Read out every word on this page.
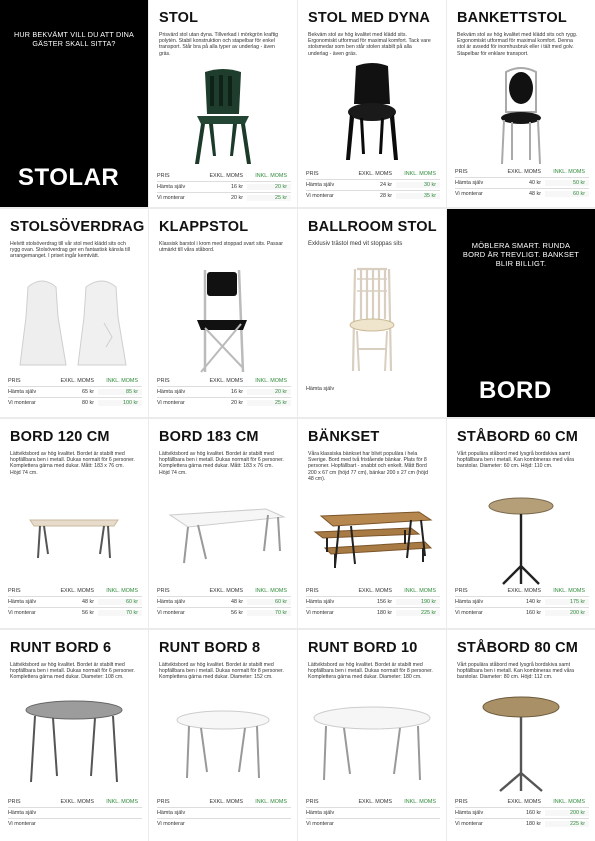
HUR BEKVÄMT VILL DU ATT DINA GÄSTER SKALL SITTA?
STOLAR
STOL
Prisvärd stol utan dyna. Tillverkad i mörkgrön kraftig polytén. Stabil konstruktion och stapelbar för enkel transport. Står bra på alla typer av underlag - även gräs.
PRIS	EXKL. MOMS	INKL. MOMS
Hämta själv	16 kr	20 kr
Vi monterar	20 kr	25 kr
STOL MED DYNA
Bekväm stol av hög kvalitet med klädd sits. Ergonomiskt utformad för maximal komfort. Tack vare stolsmedar som ben står stolen stabilt på alla underlag - även gräs.
PRIS	EXKL. MOMS	INKL. MOMS
Hämta själv	24 kr	30 kr
Vi monterar	28 kr	35 kr
BANKETTSTOL
Bekväm stol av hög kvalitet med klädd sits och rygg. Ergonomiskt utformad för maximal komfort. Denna stol är avsedd för inomhusbruk eller i tält med golv. Stapelbar för enklare transport.
PRIS	EXKL. MOMS	INKL. MOMS
Hämta själv	40 kr	50 kr
Vi monterar	48 kr	60 kr
STOLSÖVERDRAG
Helvitt stolsöverdrag till vår stol med klädd sits och rygg ovan. Stolsöverdrag ger en fantastisk känsla till arrangemanget. I priset ingår kemtvätt.
PRIS	EXKL. MOMS	INKL. MOMS
Hämta själv	65 kr	85 kr
Vi monterar	80 kr	100 kr
KLAPPSTOL
Klassisk barstol i krom med stoppad svart sits. Passar utmärkt till våra ståbord.
PRIS	EXKL. MOMS	INKL. MOMS
Hämta själv	16 kr	20 kr
Vi monterar	20 kr	25 kr
BALLROOM STOL
Exklusiv trästol med vit stoppas sits
Hämta själv
MÖBLERA SMART. RUNDA BORD ÄR TREVLIGT. BANKSET BLIR BILLIGT.
BORD
BORD 120 CM
Lättviktsbord av hög kvalitet. Bordet är stabilt med hopfällbara ben i metall. Dukas normalt för 6 personer. Komplettera gärna med dukar. Mått: 183 x 76 cm. Höjd 74 cm.
PRIS	EXKL. MOMS	INKL. MOMS
Hämta själv	48 kr	60 kr
Vi monterar	56 kr	70 kr
BORD 183 CM
Lättviktsbord av hög kvalitet. Bordet är stabilt med hopfällbara ben i metall. Dukas normalt för 6 personer. Komplettera gärna med dukar. Mått: 183 x 76 cm. Höjd 74 cm.
PRIS	EXKL. MOMS	INKL. MOMS
Hämta själv	48 kr	60 kr
Vi monterar	56 kr	70 kr
BÄNKSET
Våra klassiska bänkset har blivit populära i hela Sverige. Bord med två fristående bänkar. Plats för 8 personer. Hopfällbart - snabbt och enkelt. Mått Bord 200 x 67 cm (höjd 77 cm), bänkar 200 x 27 cm (höjd 48 cm).
PRIS	EXKL. MOMS	INKL. MOMS
Hämta själv	156 kr	190 kr
Vi monterar	180 kr	225 kr
STÅBORD 60 CM
Vårt populära ståbord med lysgrå bordskiva samt hopfällbara ben i metall. Kan kombineras med våra barstolar. Diameter: 60 cm. Höjd: 110 cm.
PRIS	EXKL. MOMS	INKL. MOMS
Hämta själv	140 kr	175 kr
Vi monterar	160 kr	200 kr
RUNT BORD 6
Lättviktsbord av hög kvalitet. Bordet är stabilt med hopfällbara ben i metall. Dukas normalt för 6 personer. Komplettera gärna med dukar. Diameter: 108 cm.
PRIS	EXKL. MOMS	INKL. MOMS
Hämta själv
Vi monterar
RUNT BORD 8
Lättviktsbord av hög kvalitet. Bordet är stabilt med hopfällbara ben i metall. Dukas normalt för 8 personer. Komplettera gärna med dukar. Diameter: 152 cm.
PRIS	EXKL. MOMS	INKL. MOMS
Hämta själv
Vi monterar
RUNT BORD 10
Lättviktsbord av hög kvalitet. Bordet är stabilt med hopfällbara ben i metall. Dukas normalt för 8 personer. Komplettera gärna med dukar. Diameter: 180 cm.
PRIS	EXKL. MOMS	INKL. MOMS
Hämta själv
Vi monterar
STÅBORD 80 CM
Vårt populära ståbord med lysgrå bordskiva samt hopfällbara ben i metall. Kan kombineras med våra barstolar. Diameter: 80 cm. Höjd: 112 cm.
PRIS	EXKL. MOMS	INKL. MOMS
Hämta själv	160 kr	200 kr
Vi monterar	180 kr	225 kr
